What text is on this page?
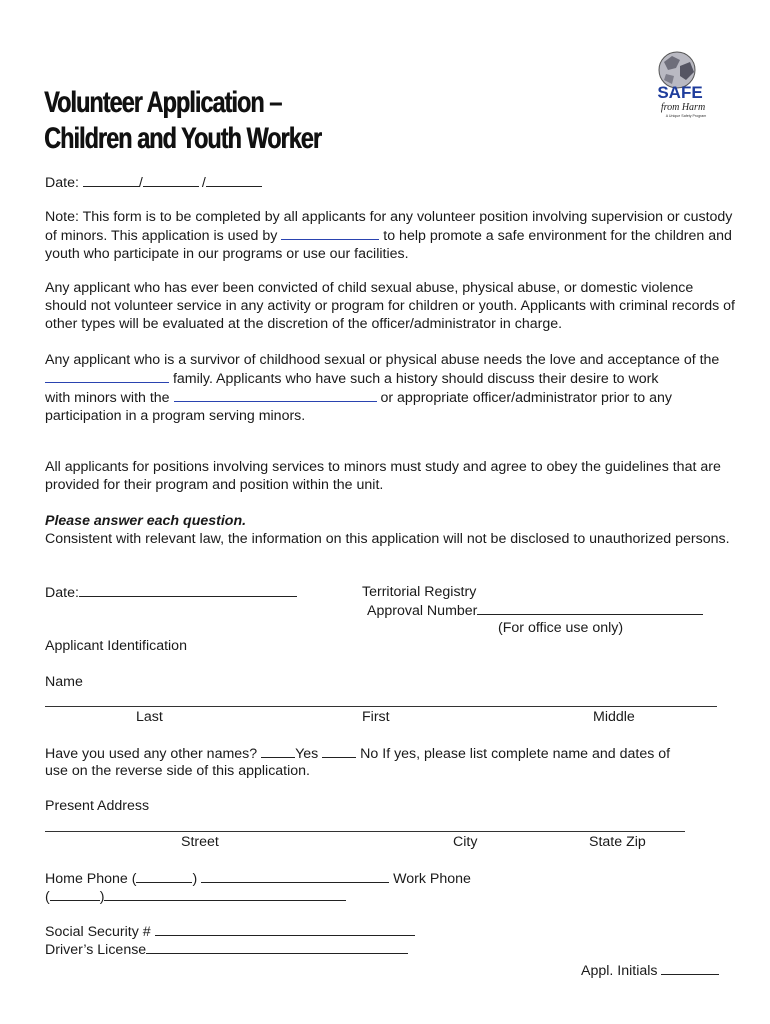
Volunteer Application –
Children and Youth Worker
SAFE
from Harm
A Unique Safety Program
Date:	/	/

Note: This form is to be completed by all applicants for any volunteer position involving supervision or custody of minors. This application is used by	to help promote a safe environment for the children and youth who participate in our programs or use our facilities.

Any applicant who has ever been convicted of child sexual abuse, physical abuse, or domestic violence should not volunteer service in any activity or program for children or youth. Applicants with criminal records of other types will be evaluated at the discretion of the officer/administrator in charge.

Any applicant who is a survivor of childhood sexual or physical abuse needs the love and acceptance of the
family. Applicants who have such a history should discuss their desire to work
with minors with the	or appropriate officer/administrator prior to any
participation in a program serving minors.

All applicants for positions involving services to minors must study and agree to obey the guidelines that are provided for their program and position within the unit.

Please answer each question.
Consistent with relevant law, the information on this application will not be disclosed to unauthorized persons.
Date:	Territorial Registry
Approval Number
(For office use only)
Applicant Identification
Name
Last	First	Middle
Have you used any other names?	Yes	No If yes, please list complete name and dates of
use on the reverse side of this application.
Present Address
Street	City	State Zip
Home Phone (	)	Work Phone
(	)
Social Security #
Driver’s License
Appl. Initials
